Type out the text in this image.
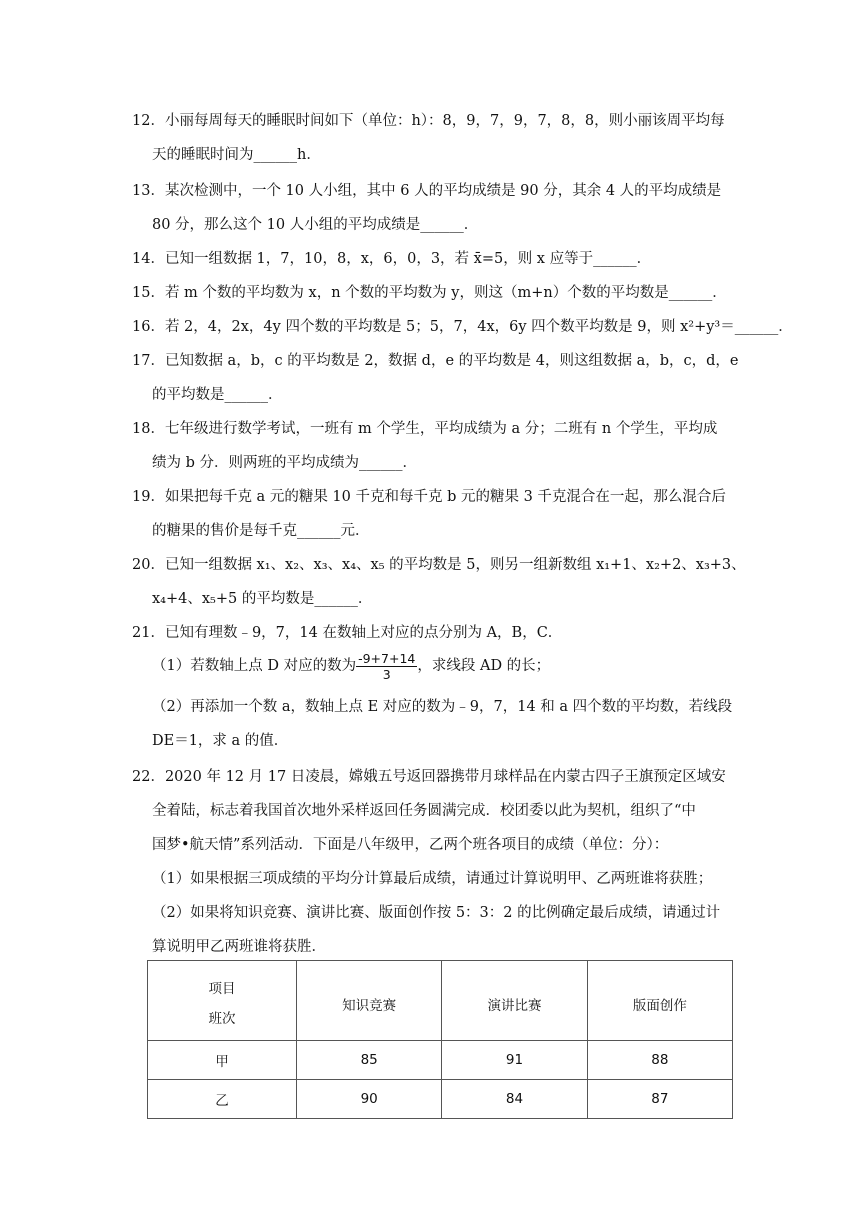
12．小丽每周每天的睡眠时间如下（单位：h）：8，9，7，9，7，8，8，则小丽该周平均每
天的睡眠时间为______h．
13．某次检测中，一个 10 人小组，其中 6 人的平均成绩是 90 分，其余 4 人的平均成绩是
80 分，那么这个 10 人小组的平均成绩是______．
14．已知一组数据 1，7，10，8，x，6，0，3，若 x̄=5，则 x 应等于______．
15．若 m 个数的平均数为 x，n 个数的平均数为 y，则这（m+n）个数的平均数是______．
16．若 2，4，2x，4y 四个数的平均数是 5；5，7，4x，6y 四个数平均数是 9，则 x²+y³＝______．
17．已知数据 a，b，c 的平均数是 2，数据 d，e 的平均数是 4，则这组数据 a，b，c，d，e
的平均数是______．
18．七年级进行数学考试，一班有 m 个学生，平均成绩为 a 分；二班有 n 个学生，平均成
绩为 b 分．则两班的平均成绩为______．
19．如果把每千克 a 元的糖果 10 千克和每千克 b 元的糖果 3 千克混合在一起，那么混合后
的糖果的售价是每千克______元．
20．已知一组数据 x₁、x₂、x₃、x₄、x₅ 的平均数是 5，则另一组新数组 x₁+1、x₂+2、x₃+3、
x₄+4、x₅+5 的平均数是______．
21．已知有理数﹣9，7，14 在数轴上对应的点分别为 A，B，C．
（1）若数轴上点 D 对应的数为 $\frac{-9+7+14}{3}$ ，求线段 AD 的长；
（2）再添加一个数 a，数轴上点 E 对应的数为﹣9，7，14 和 a 四个数的平均数，若线段
DE＝1，求 a 的值．
22．2020 年 12 月 17 日凌晨，嫦娥五号返回器携带月球样品在内蒙古四子王旗预定区域安
全着陆，标志着我国首次地外采样返回任务圆满完成．校团委以此为契机，组织了“中
国梦•航天情”系列活动．下面是八年级甲，乙两个班各项目的成绩（单位：分）：
（1）如果根据三项成绩的平均分计算最后成绩，请通过计算说明甲、乙两班谁将获胜；
（2）如果将知识竞赛、演讲比赛、版面创作按 5：3：2 的比例确定最后成绩，请通过计
算说明甲乙两班谁将获胜．
项目
班次	知识竞赛	演讲比赛	版面创作
甲	85	91	88
乙	90	84	87
